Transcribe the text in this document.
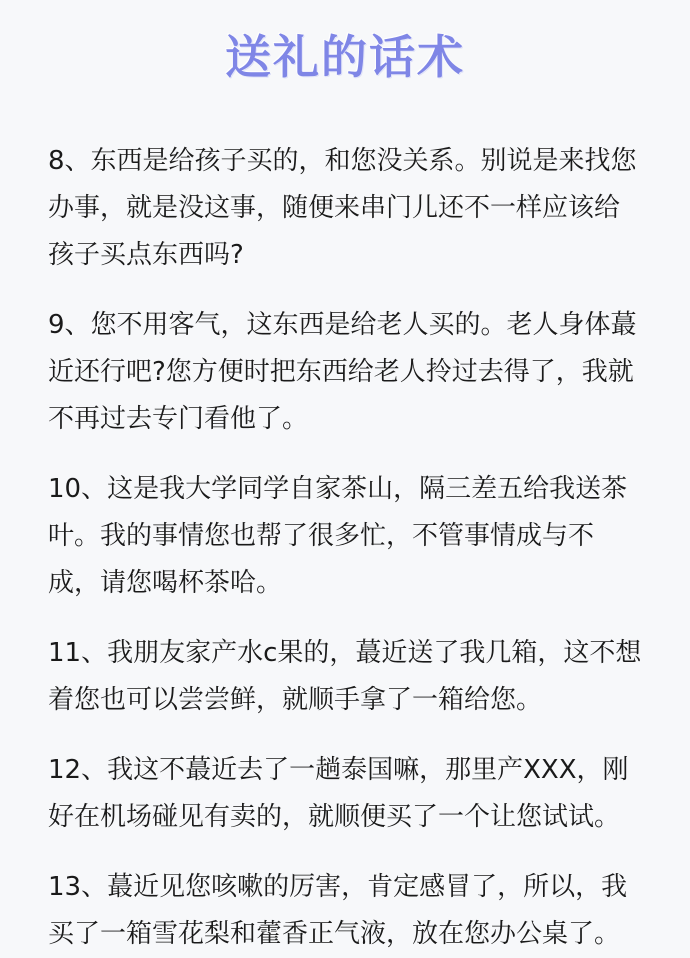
送礼的话术
8、东西是给孩子买的，和您没关系。别说是来找您办事，就是没这事，随便来串门儿还不一样应该给孩子买点东西吗?
9、您不用客气，这东西是给老人买的。老人身体蕞近还行吧?您方便时把东西给老人拎过去得了，我就不再过去专门看他了。
10、这是我大学同学自家茶山，隔三差五给我送茶叶。我的事情您也帮了很多忙，不管事情成与不成，请您喝杯茶哈。
11、我朋友家产水c果的，蕞近送了我几箱，这不想着您也可以尝尝鲜，就顺手拿了一箱给您。
12、我这不蕞近去了一趟泰国嘛，那里产XXX，刚好在机场碰见有卖的，就顺便买了一个让您试试。
13、蕞近见您咳嗽的厉害，肯定感冒了，所以，我买了一箱雪花梨和藿香正气液，放在您办公桌了。
